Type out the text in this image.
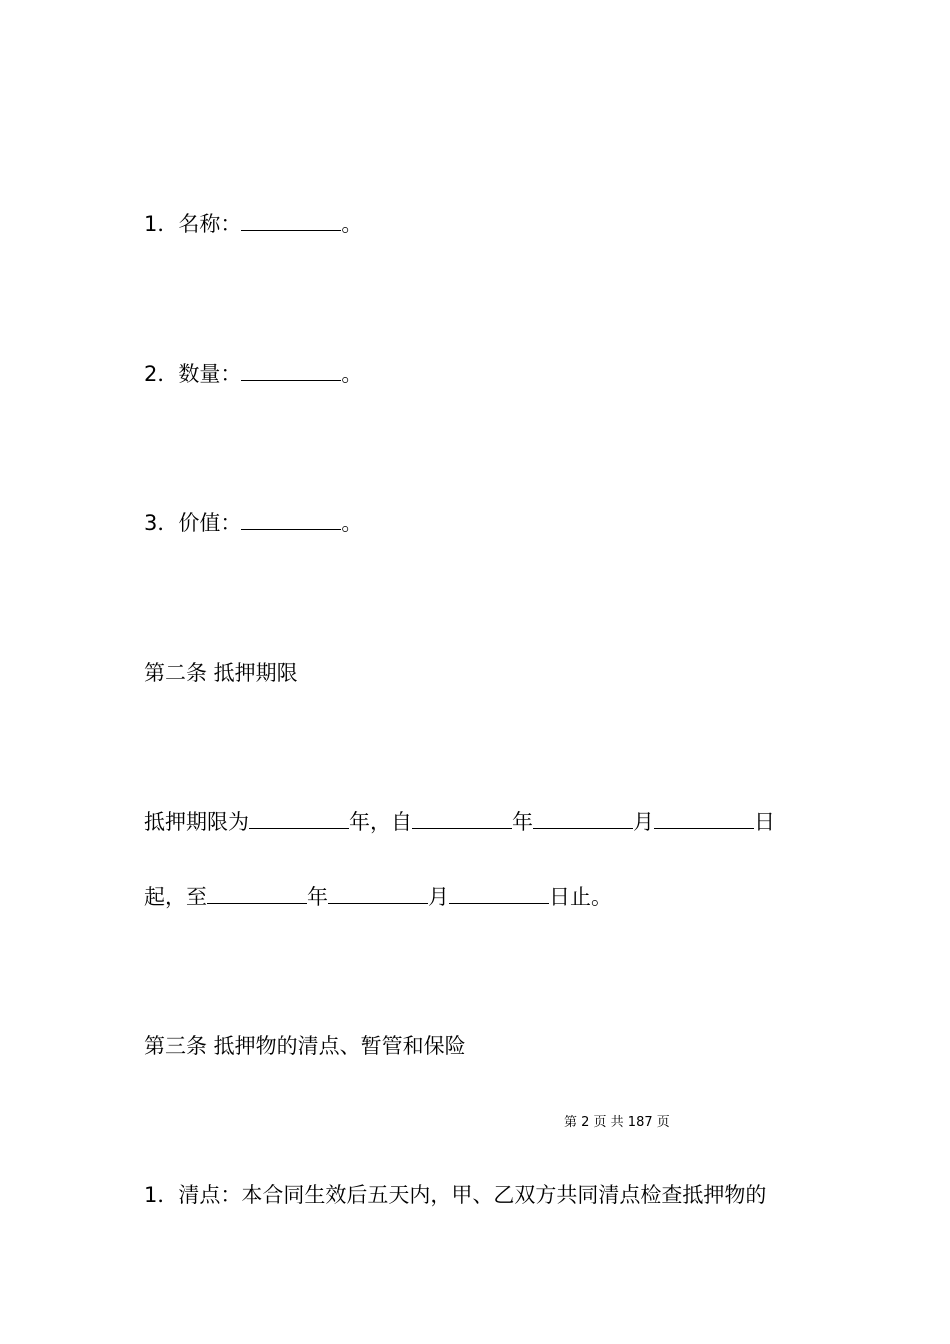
1．名称：	。
2．数量：	。
3．价值：	。
第二条 抵押期限
抵押期限为	年，自	年	月	日
起，至	年	月	日止。
第三条 抵押物的清点、暂管和保险
第 2 页 共 187 页
1．清点：本合同生效后五天内，甲、乙双方共同清点检查抵押物的
